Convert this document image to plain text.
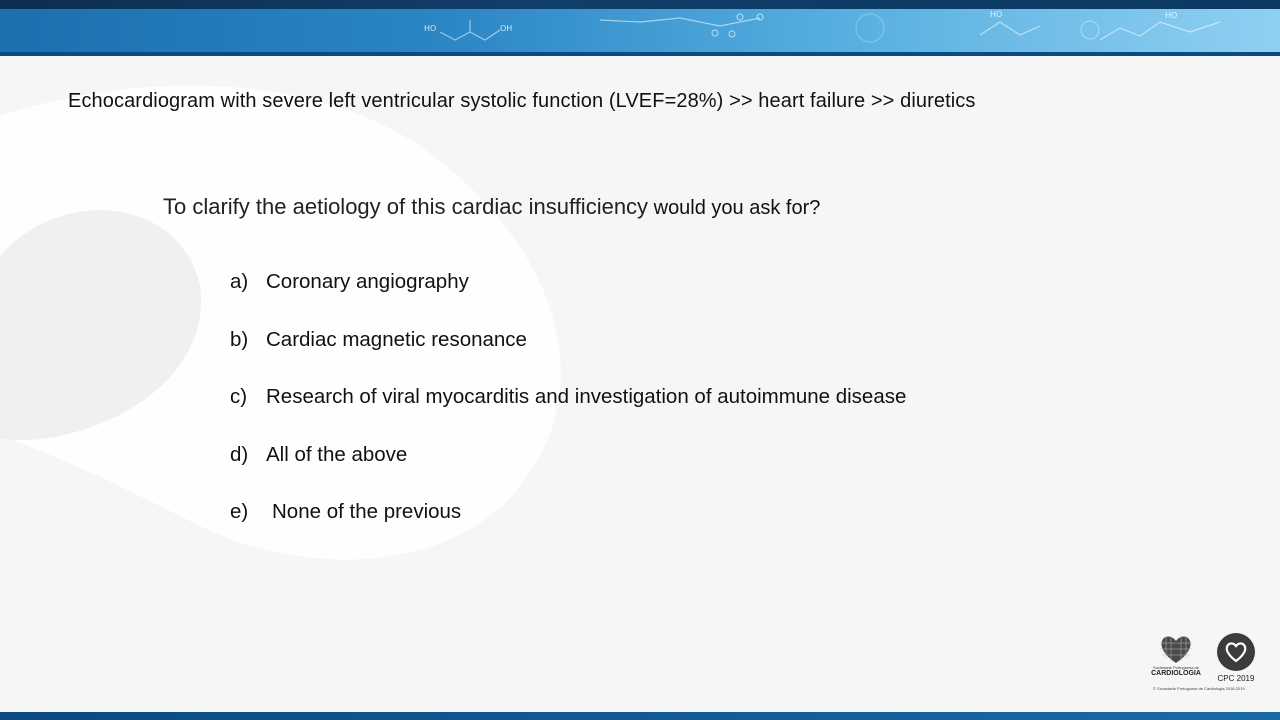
HO	OH
HO	HO
Echocardiogram with severe left ventricular systolic function (LVEF=28%) >> heart failure >> diuretics

To clarify the aetiology of this cardiac insufficiency would you ask for?

a) Coronary angiography
b) Cardiac magnetic resonance
c) Research of viral myocarditis and investigation of autoimmune disease
d) All of the above
e)	None of the previous
Sociedade Portuguesa de
CARDIOLOGIA
CPC 2019
© Sociedade Portuguesa de Cardiologia 2018-2019
